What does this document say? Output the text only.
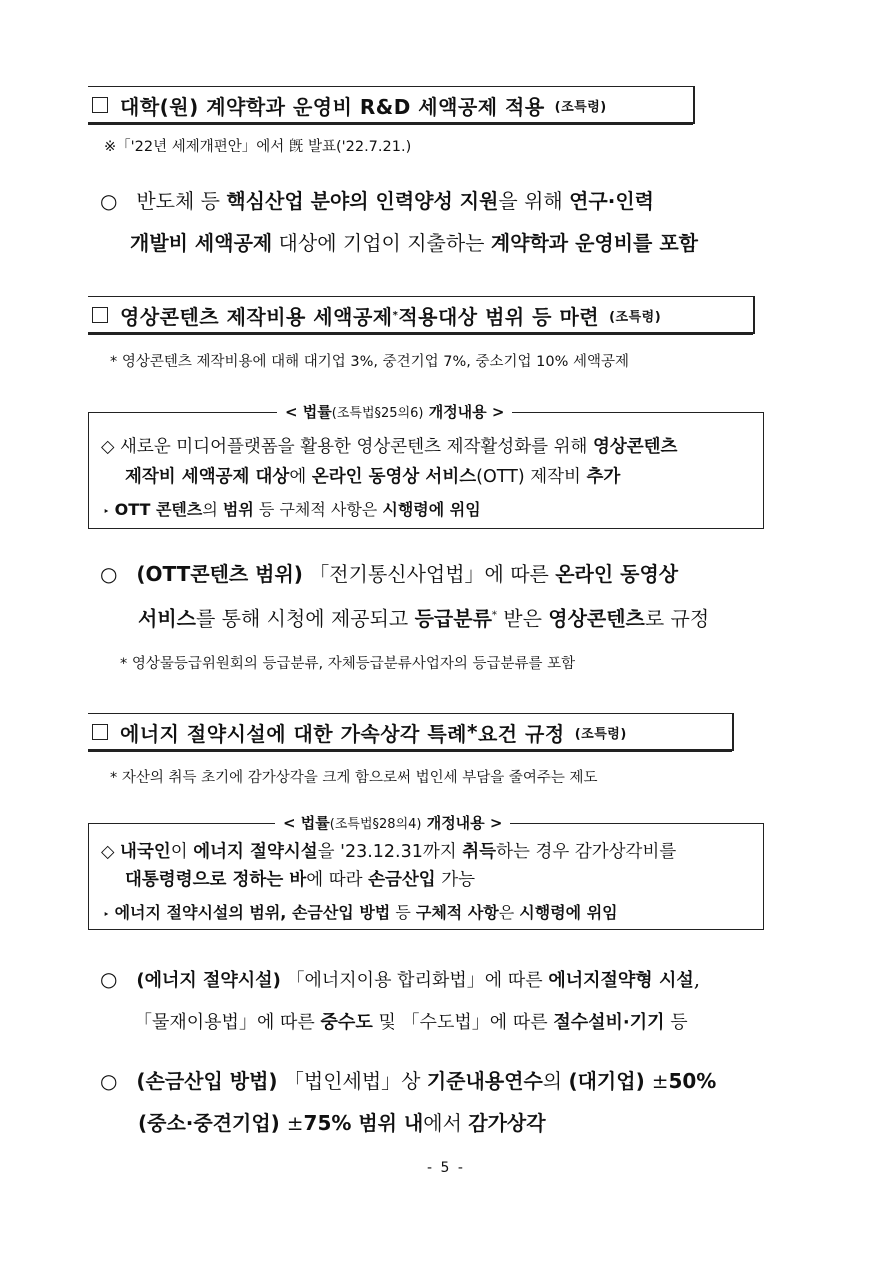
대학(원) 계약학과 운영비 R&D 세액공제 적용 (조특령)
※「'22년 세제개편안」에서 旣 발표('22.7.21.)
○ 반도체 등 핵심산업 분야의 인력양성 지원을 위해 연구·인력
개발비 세액공제 대상에 기업이 지출하는 계약학과 운영비를 포함
영상콘텐츠 제작비용 세액공제 * 적용대상 범위 등 마련 (조특령)
* 영상콘텐츠 제작비용에 대해 대기업 3%, 중견기업 7%, 중소기업 10% 세액공제
< 법률(조특법§25의6) 개정내용 >
◇ 새로운 미디어플랫폼을 활용한 영상콘텐츠 제작활성화를 위해 영상콘텐츠
제작비 세액공제 대상에 온라인 동영상 서비스(OTT) 제작비 추가
‣ OTT 콘텐츠의 범위 등 구체적 사항은 시행령에 위임
○ (OTT콘텐츠 범위) 「전기통신사업법」에 따른 온라인 동영상
서비스를 통해 시청에 제공되고 등급분류* 받은 영상콘텐츠로 규정
* 영상물등급위원회의 등급분류, 자체등급분류사업자의 등급분류를 포함
에너지 절약시설에 대한 가속상각 특례 * 요건 규정 (조특령)
* 자산의 취득 초기에 감가상각을 크게 함으로써 법인세 부담을 줄여주는 제도
< 법률(조특법§28의4) 개정내용 >
◇ 내국인이 에너지 절약시설을 '23.12.31까지 취득하는 경우 감가상각비를
대통령령으로 정하는 바에 따라 손금산입 가능
‣ 에너지 절약시설의 범위, 손금산입 방법 등 구체적 사항은 시행령에 위임
○ (에너지 절약시설) 「에너지이용 합리화법」에 따른 에너지절약형 시설,
「물재이용법」에 따른 중수도 및 「수도법」에 따른 절수설비·기기 등
○ (손금산입 방법) 「법인세법」상 기준내용연수의 (대기업) ±50%
(중소·중견기업) ±75% 범위 내에서 감가상각
- 5 -
